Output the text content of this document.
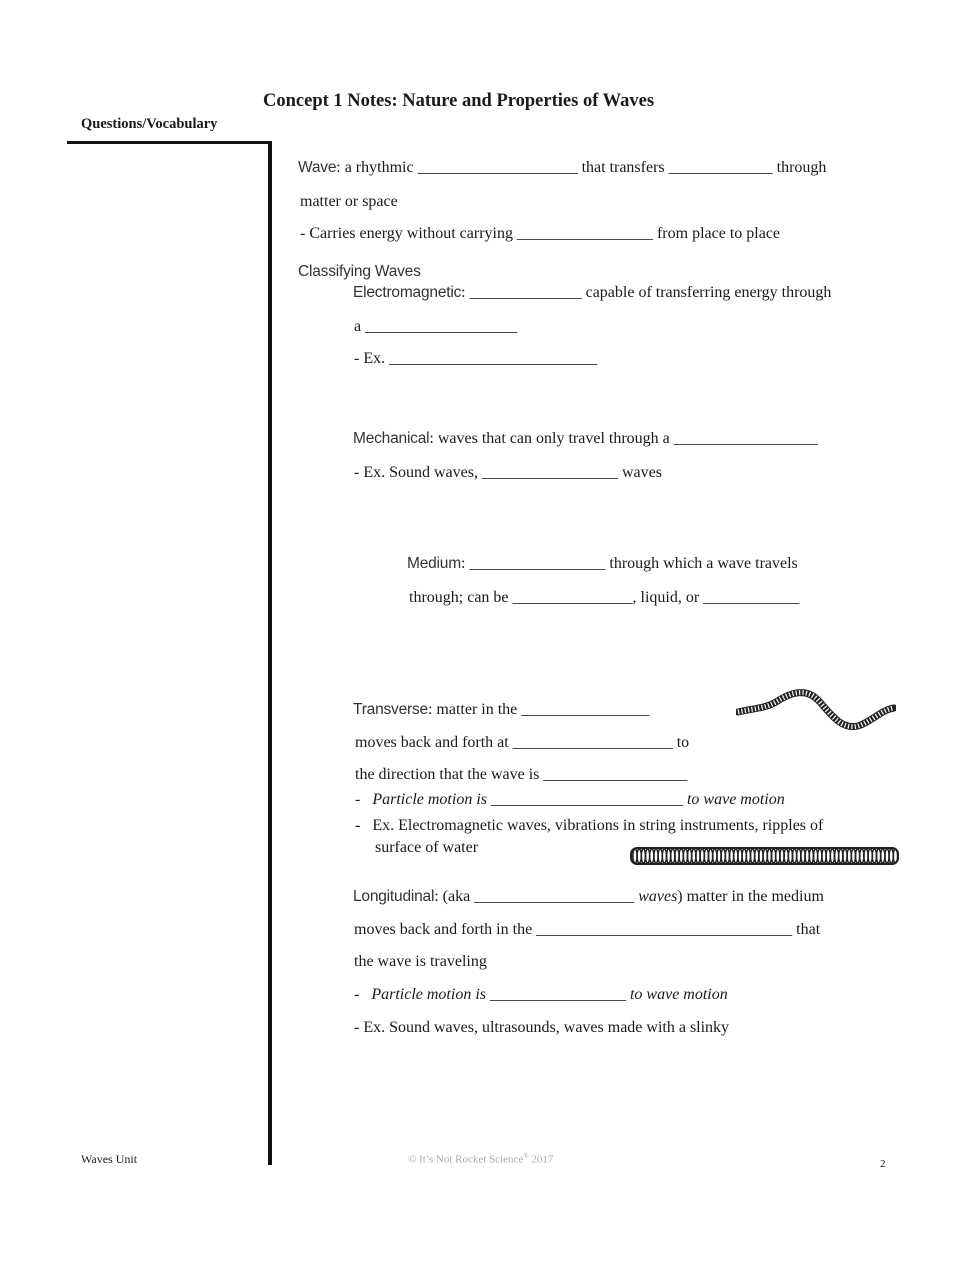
Concept 1 Notes: Nature and Properties of Waves
Questions/Vocabulary
Wave: a rhythmic ____________________ that transfers _____________ through
matter or space
- Carries energy without carrying _________________ from place to place
Classifying Waves
Electromagnetic: ______________ capable of transferring energy through
a ___________________
- Ex. __________________________
Mechanical: waves that can only travel through a __________________
- Ex. Sound waves, _________________ waves
Medium: _________________ through which a wave travels
through; can be _______________, liquid, or ____________
Transverse: matter in the ________________
moves back and forth at ____________________ to
the direction that the wave is __________________
- Particle motion is ________________________ to wave motion
- Ex. Electromagnetic waves, vibrations in string instruments, ripples of
surface of water
Longitudinal: (aka ____________________ waves) matter in the medium
moves back and forth in the ________________________________ that
the wave is traveling
- Particle motion is _________________ to wave motion
- Ex. Sound waves, ultrasounds, waves made with a slinky
Waves Unit	© It’s Not Rocket Science® 2017	2
